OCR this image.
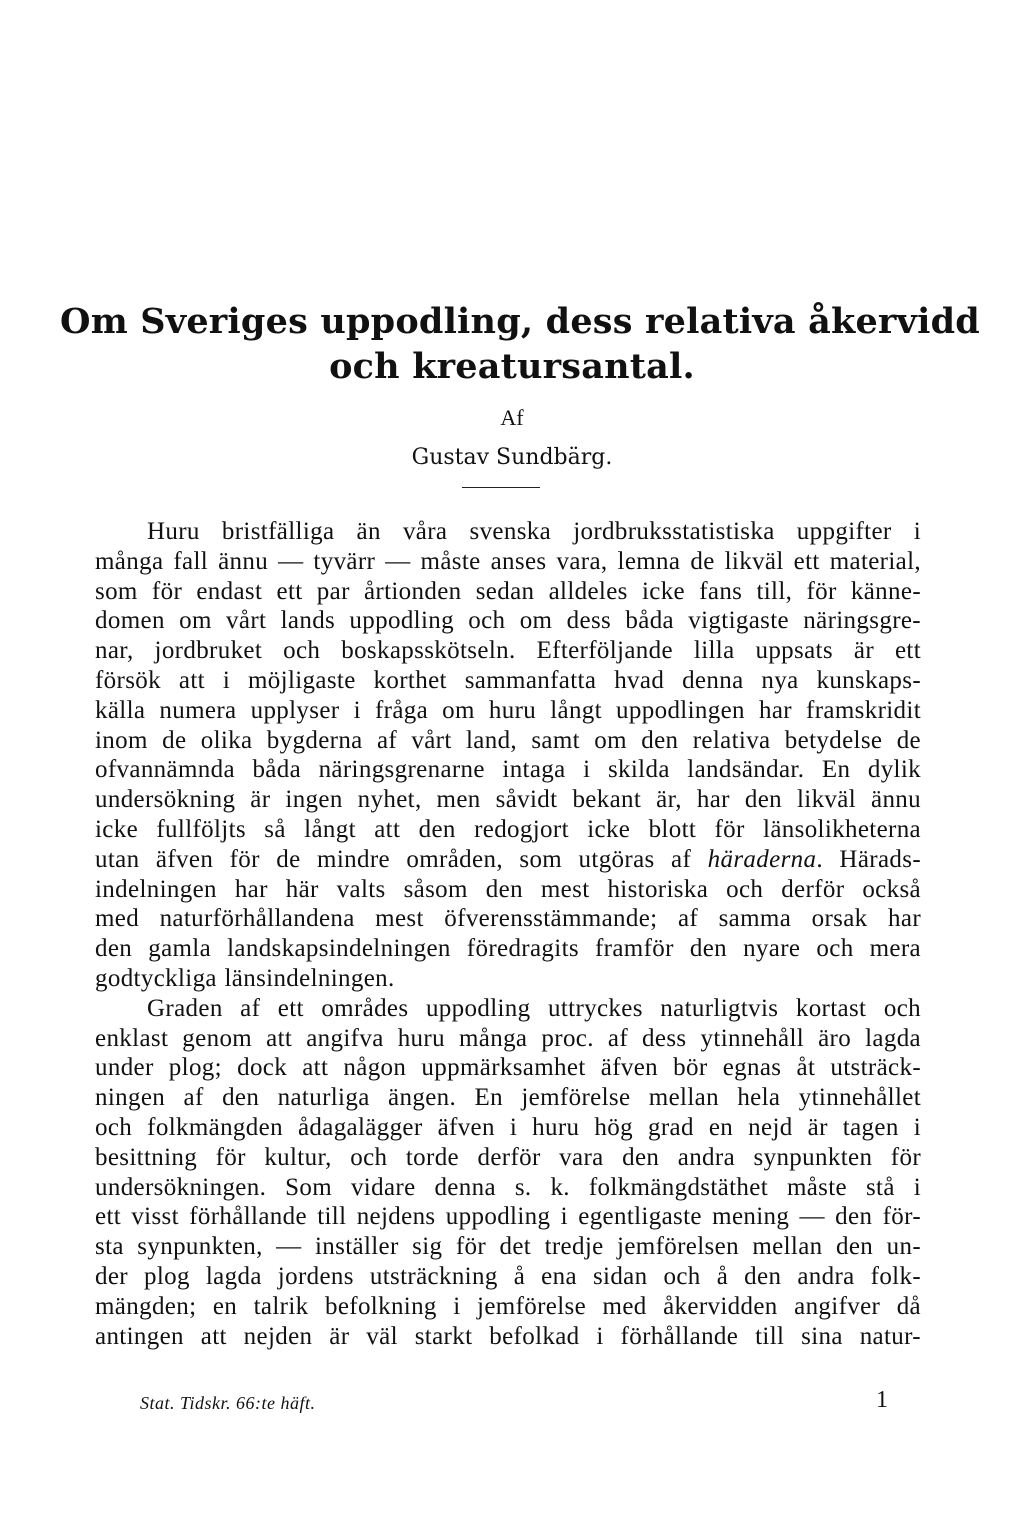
Om Sveriges uppodling, dess relativa åkervidd
och kreatursantal.
Af
Gustav Sundbärg.
Huru bristfälliga än våra svenska jordbruksstatistiska uppgifter i
många fall ännu — tyvärr — måste anses vara, lemna de likväl ett material,
som för endast ett par årtionden sedan alldeles icke fans till, för känne-
domen om vårt lands uppodling och om dess båda vigtigaste näringsgre-
nar, jordbruket och boskapsskötseln. Efterföljande lilla uppsats är ett
försök att i möjligaste korthet sammanfatta hvad denna nya kunskaps-
källa numera upplyser i fråga om huru långt uppodlingen har framskridit
inom de olika bygderna af vårt land, samt om den relativa betydelse de
ofvannämnda båda näringsgrenarne intaga i skilda landsändar. En dylik
undersökning är ingen nyhet, men såvidt bekant är, har den likväl ännu
icke fullföljts så långt att den redogjort icke blott för länsolikheterna
utan äfven för de mindre områden, som utgöras af häraderna. Härads-
indelningen har här valts såsom den mest historiska och derför också
med naturförhållandena mest öfverensstämmande; af samma orsak har
den gamla landskapsindelningen föredragits framför den nyare och mera
godtyckliga länsindelningen.
Graden af ett områdes uppodling uttryckes naturligtvis kortast och
enklast genom att angifva huru många proc. af dess ytinnehåll äro lagda
under plog; dock att någon uppmärksamhet äfven bör egnas åt utsträck-
ningen af den naturliga ängen. En jemförelse mellan hela ytinnehållet
och folkmängden ådagalägger äfven i huru hög grad en nejd är tagen i
besittning för kultur, och torde derför vara den andra synpunkten för
undersökningen. Som vidare denna s. k. folkmängdstäthet måste stå i
ett visst förhållande till nejdens uppodling i egentligaste mening — den för-
sta synpunkten, — inställer sig för det tredje jemförelsen mellan den un-
der plog lagda jordens utsträckning å ena sidan och å den andra folk-
mängden; en talrik befolkning i jemförelse med åkervidden angifver då
antingen att nejden är väl starkt befolkad i förhållande till sina natur-
Stat. Tidskr. 66:te häft.	1
